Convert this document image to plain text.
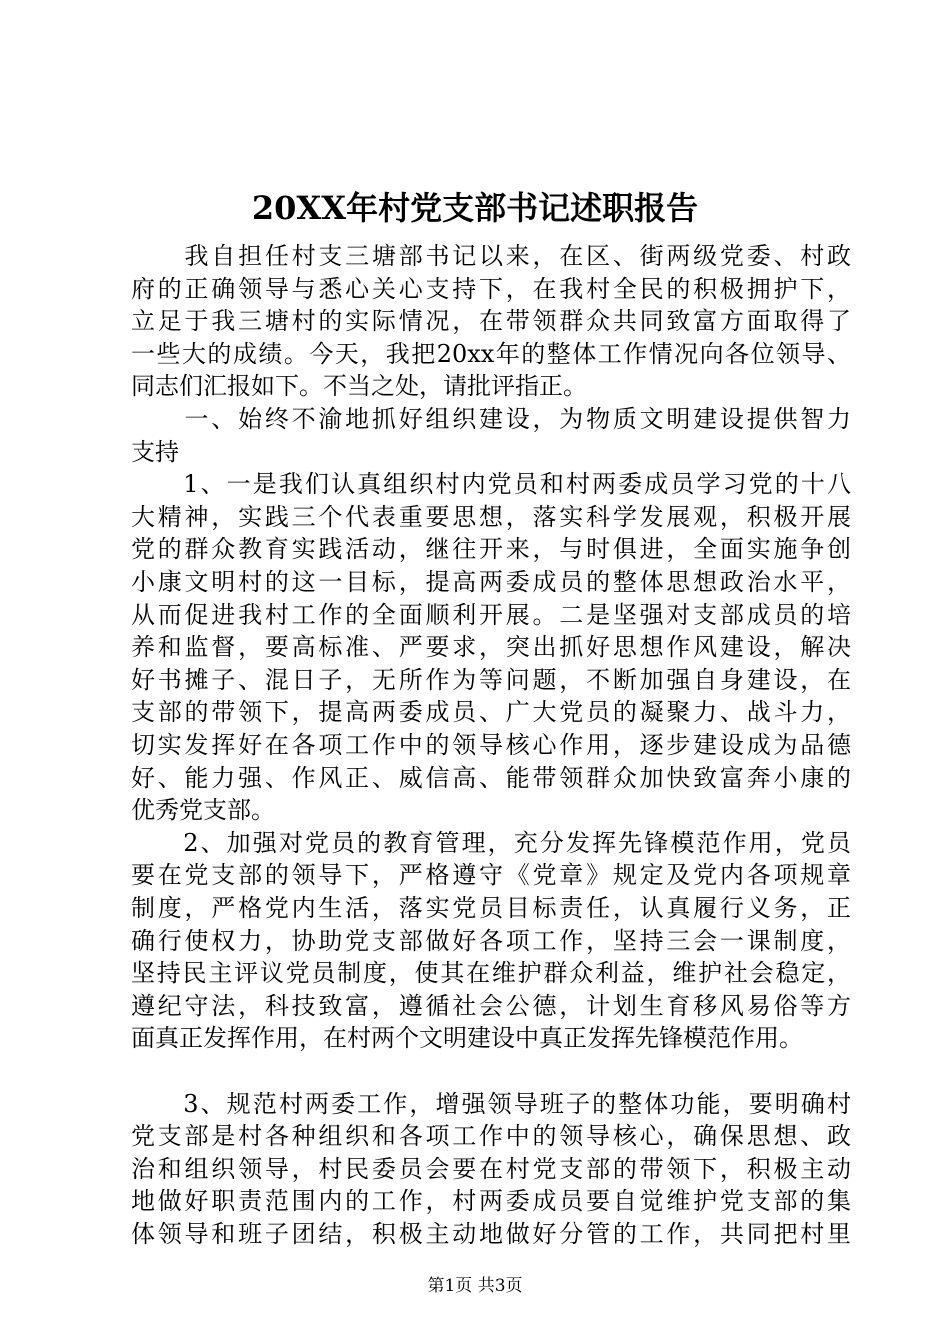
20XX年村党支部书记述职报告
　　我自担任村支三塘部书记以来，在区、街两级党委、村政
府的正确领导与悉心关心支持下，在我村全民的积极拥护下，
立足于我三塘村的实际情况，在带领群众共同致富方面取得了
一些大的成绩。今天，我把20xx年的整体工作情况向各位领导、
同志们汇报如下。不当之处，请批评指正。
　　一、始终不渝地抓好组织建设，为物质文明建设提供智力
支持
　　1、一是我们认真组织村内党员和村两委成员学习党的十八
大精神，实践三个代表重要思想，落实科学发展观，积极开展
党的群众教育实践活动，继往开来，与时俱进，全面实施争创
小康文明村的这一目标，提高两委成员的整体思想政治水平，
从而促进我村工作的全面顺利开展。二是坚强对支部成员的培
养和监督，要高标准、严要求，突出抓好思想作风建设，解决
好书摊子、混日子，无所作为等问题，不断加强自身建设，在
支部的带领下，提高两委成员、广大党员的凝聚力、战斗力，
切实发挥好在各项工作中的领导核心作用，逐步建设成为品德
好、能力强、作风正、威信高、能带领群众加快致富奔小康的
优秀党支部。
　　2、加强对党员的教育管理，充分发挥先锋模范作用，党员
要在党支部的领导下，严格遵守《党章》规定及党内各项规章
制度，严格党内生活，落实党员目标责任，认真履行义务，正
确行使权力，协助党支部做好各项工作，坚持三会一课制度，
坚持民主评议党员制度，使其在维护群众利益，维护社会稳定，
遵纪守法，科技致富，遵循社会公德，计划生育移风易俗等方
面真正发挥作用，在村两个文明建设中真正发挥先锋模范作用。
　　3、规范村两委工作，增强领导班子的整体功能，要明确村
党支部是村各种组织和各项工作中的领导核心，确保思想、政
治和组织领导，村民委员会要在村党支部的带领下，积极主动
地做好职责范围内的工作，村两委成员要自觉维护党支部的集
体领导和班子团结，积极主动地做好分管的工作，共同把村里
第1页 共3页
